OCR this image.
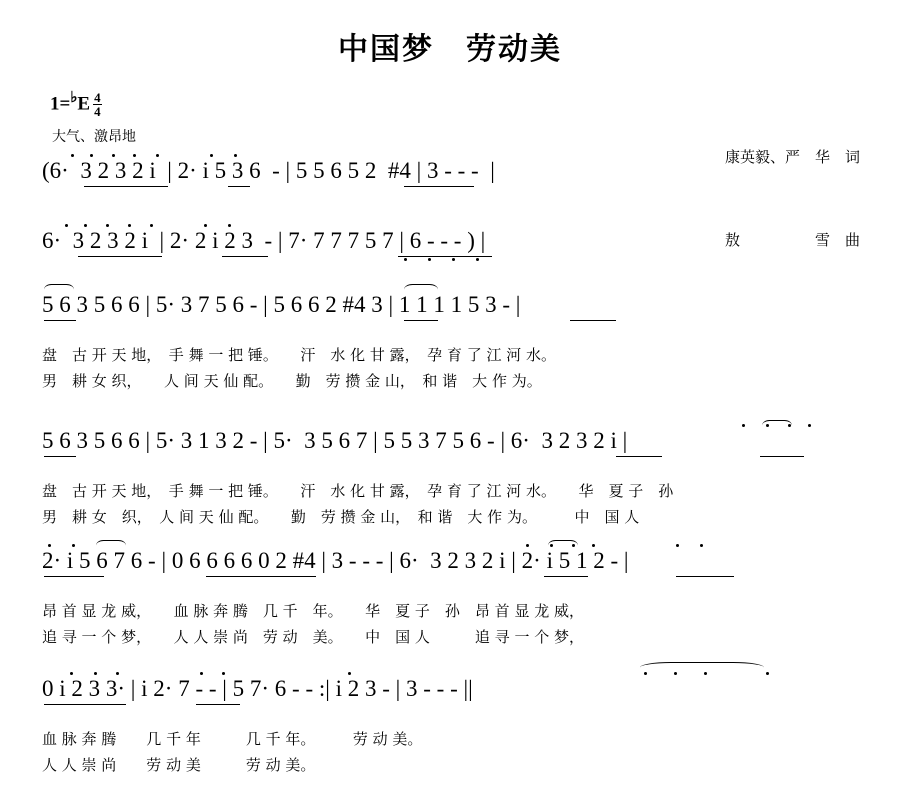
中国梦　劳动美
$1=^♭E \frac{4}{4}$
大气、激昂地

康英毅、严　华　词

敖　　　　　雪　曲

(6·  3 2 3 2 i  | 2· i 5 3 6  - | 5 5 6 5 2  #4 | 3 - - -  |
6·  3 2 3 2 i  | 2· 2 i 2 3  - | 7· 7 7 7 5 7 | 6 - - - ) |
5 6 3 5 6 6 | 5· 3 7 5 6 - | 5 6 6 2 #4 3 | 1 1 1 1 5 3 - |
盘　古 开 天 地，　手 舞 一 把 锤。　　汗　水 化 甘 露，　孕 育 了 江 河 水。
男　耕 女 织，　　人 间 天 仙 配。　　勤　劳 攒 金 山，　和 谐　大 作 为。
5 6 3 5 6 6 | 5· 3 1 3 2 - | 5·  3 5 6 7 | 5 5 3 7 5 6 - | 6·  3 2 3 2 i |
盘　古 开 天 地，　手 舞 一 把 锤。　　汗　水 化 甘 露，　孕 育 了 江 河 水。　　华　夏 子　孙
男　耕 女　织，　人 间 天 仙 配。　　勤　劳 攒 金 山，　和 谐　大 作 为。　　　中　国 人
2· i 5 6 7 6 - | 0 6 6 6 6 0 2 #4 | 3 - - - | 6·  3 2 3 2 i | 2· i 5 1 2 - |
昂 首 显 龙 威，　　血 脉 奔 腾　几 千　年。　　华　夏 子　孙　昂 首 显 龙 威，
追 寻 一 个 梦，　　人 人 崇 尚　劳 动　美。　　中　国 人　　　追 寻 一 个 梦，
0 i 2 3 3· | i 2· 7 - - | 5 7· 6 - - :| i 2 3 - | 3 - - - ||
血 脉 奔 腾　　几 千 年　　　几 千 年。　　　劳 动 美。
人 人 崇 尚　　劳 动 美　　　劳 动 美。
